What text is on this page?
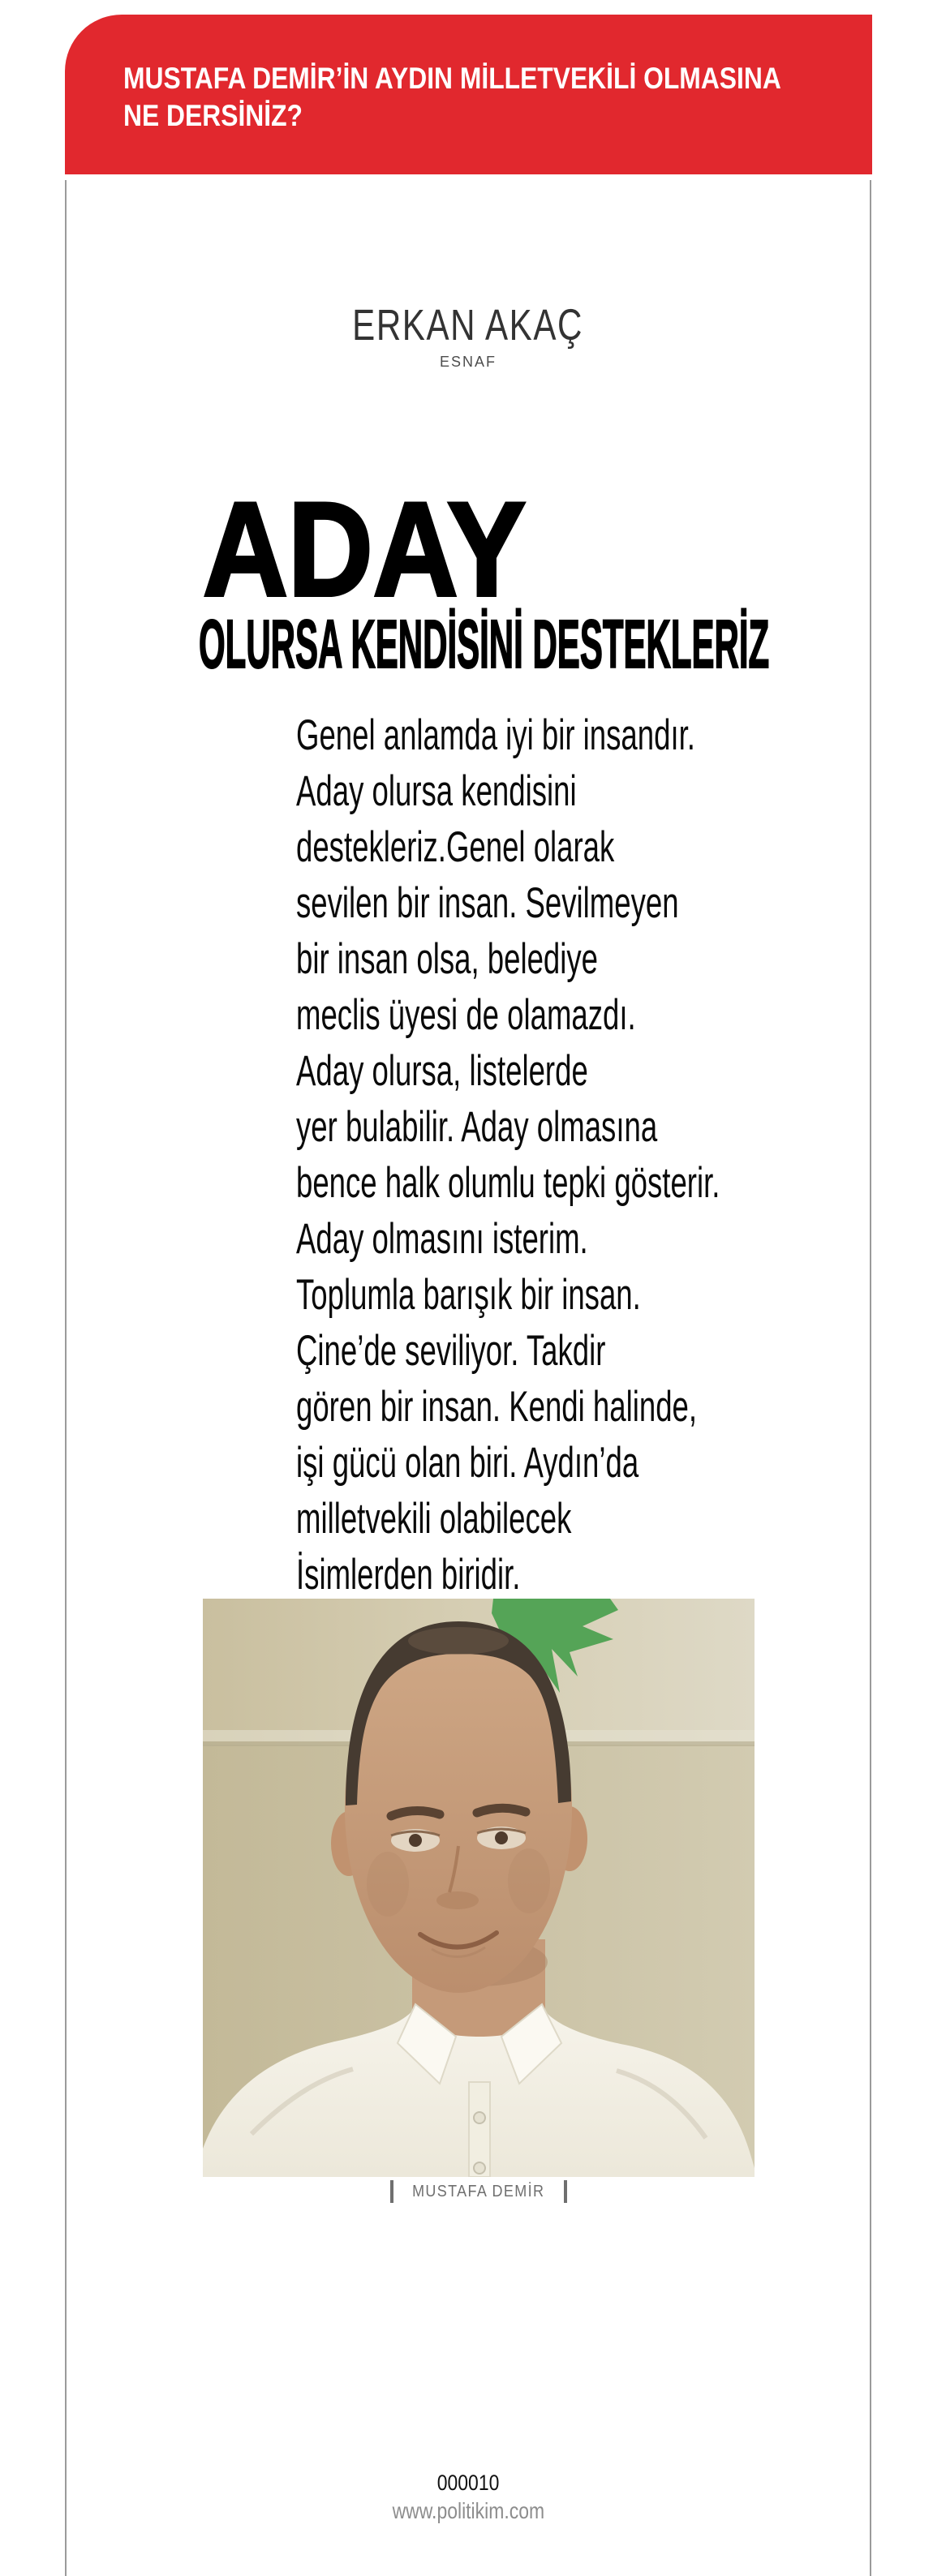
MUSTAFA DEMİR’İN AYDIN MİLLETVEKİLİ OLMASINA
NE DERSİNİZ?
ERKAN AKAÇ
ESNAF
ADAY
OLURSA KENDİSİNİ DESTEKLERİZ
Genel anlamda iyi bir insandır.
Aday olursa kendisini
destekleriz.Genel olarak
sevilen bir insan. Sevilmeyen
bir insan olsa, belediye
meclis üyesi de olamazdı.
Aday olursa, listelerde
yer bulabilir. Aday olmasına
bence halk olumlu tepki gösterir.
Aday olmasını isterim.
Toplumla barışık bir insan.
Çine’de seviliyor. Takdir
gören bir insan. Kendi halinde,
işi gücü olan biri. Aydın’da
milletvekili olabilecek
İsimlerden biridir.
MUSTAFA DEMİR
000010
www.politikim.com
